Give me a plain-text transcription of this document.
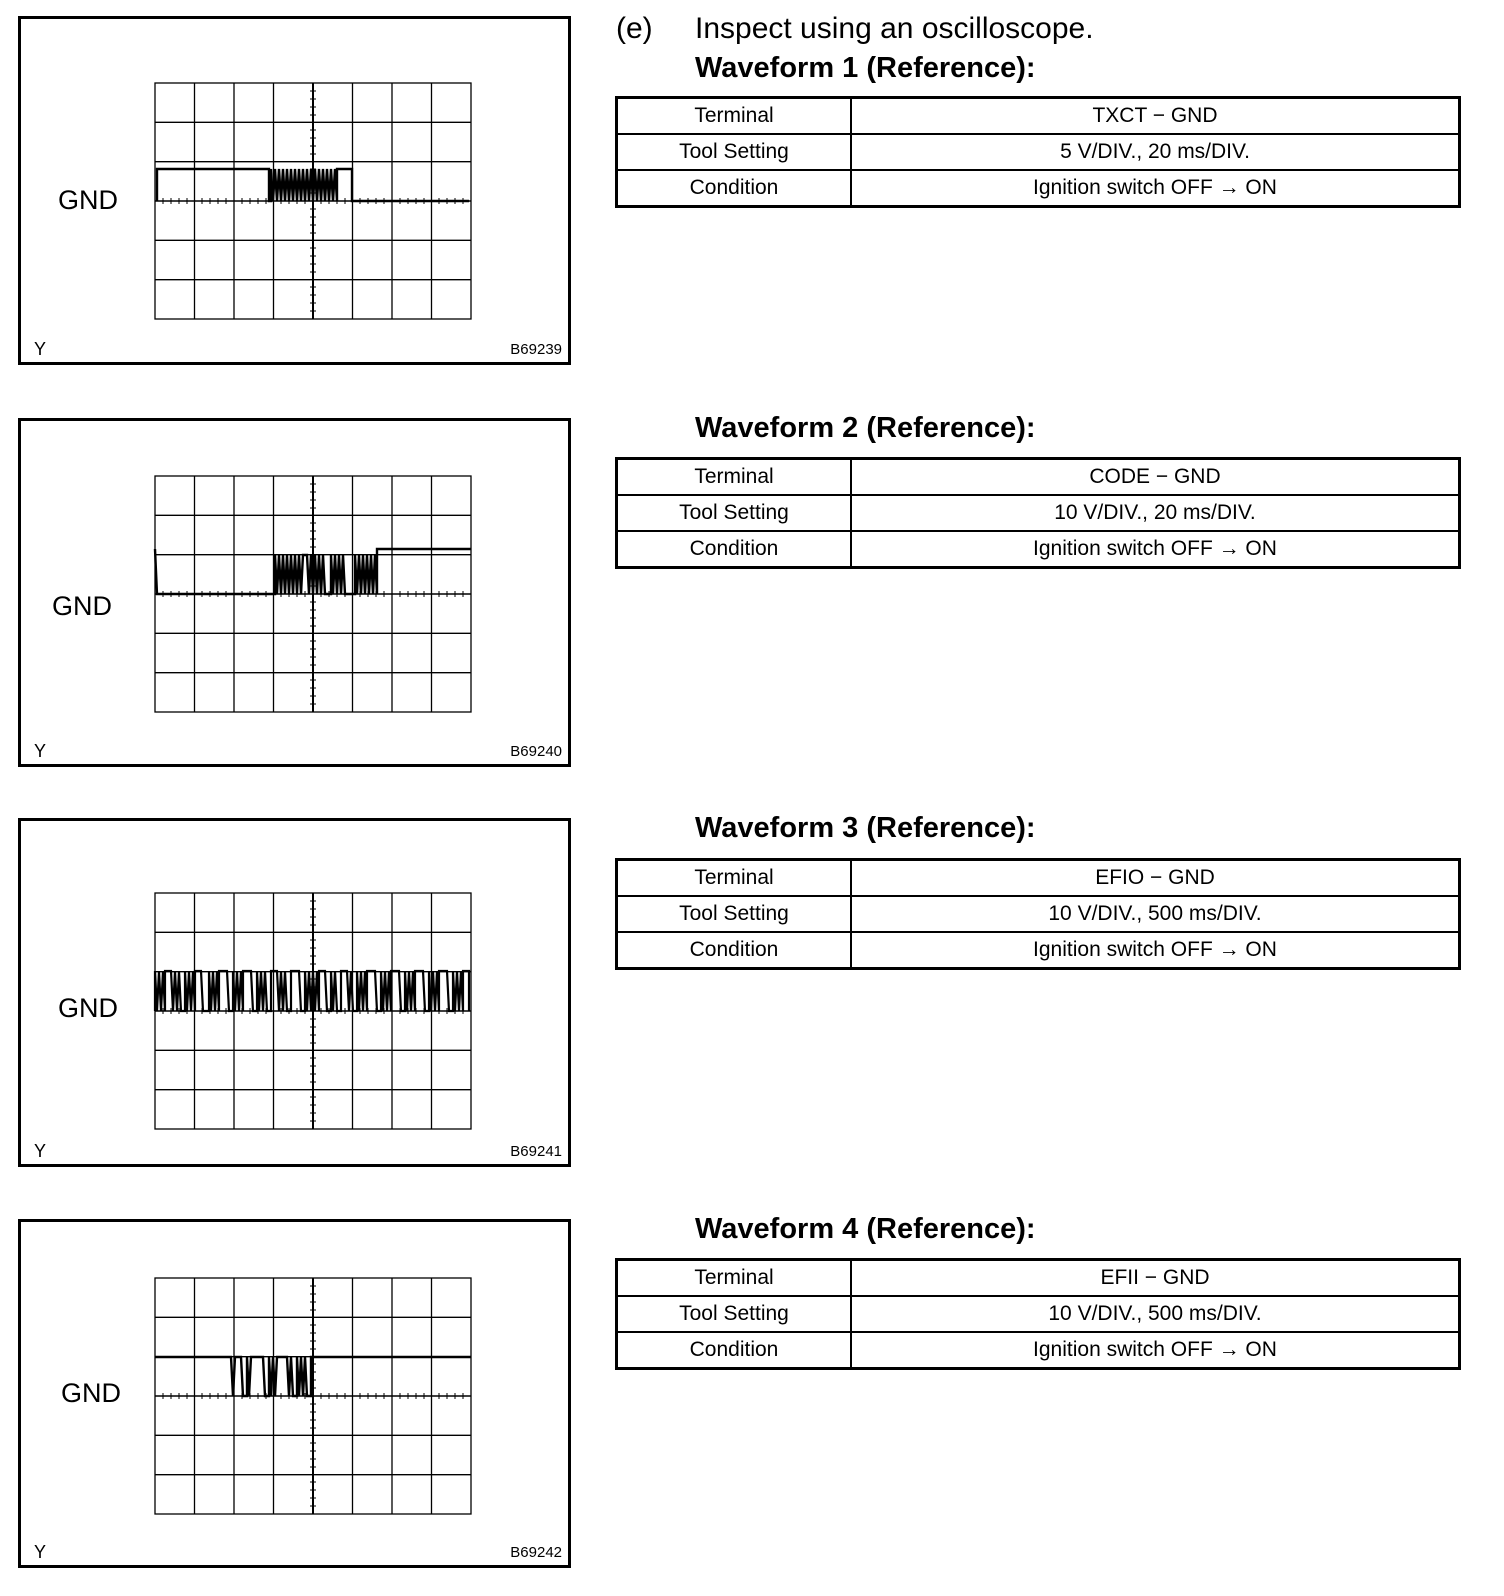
(e) Inspect using an oscilloscope.
GND
Y	B69239
Waveform 1 (Reference):
Terminal	TXCT − GND
Tool Setting	5 V/DIV., 20 ms/DIV.
Condition	Ignition switch OFF → ON
GND
Y	B69240
Waveform 2 (Reference):
Terminal	CODE − GND
Tool Setting	10 V/DIV., 20 ms/DIV.
Condition	Ignition switch OFF → ON
GND
Y	B69241
Waveform 3 (Reference):
Terminal	EFIO − GND
Tool Setting	10 V/DIV., 500 ms/DIV.
Condition	Ignition switch OFF → ON
GND
Y	B69242
Waveform 4 (Reference):
Terminal	EFII − GND
Tool Setting	10 V/DIV., 500 ms/DIV.
Condition	Ignition switch OFF → ON
